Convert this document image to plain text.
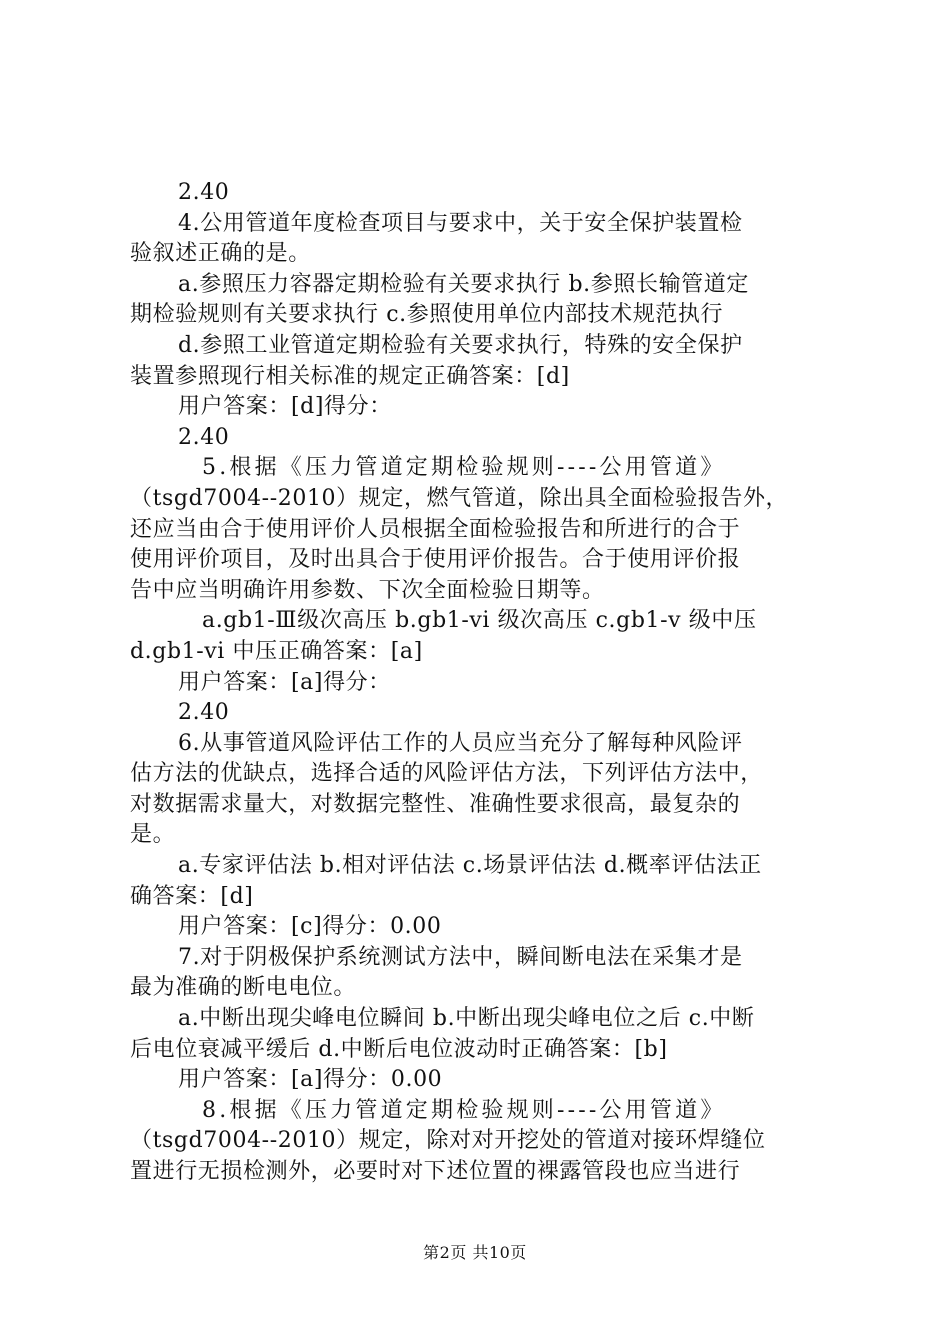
2.40
4.公用管道年度检查项目与要求中，关于安全保护装置检
验叙述正确的是。
a.参照压力容器定期检验有关要求执行 b.参照长输管道定
期检验规则有关要求执行 c.参照使用单位内部技术规范执行
d.参照工业管道定期检验有关要求执行，特殊的安全保护
装置参照现行相关标准的规定正确答案：[d]
用户答案：[d]得分：
2.40
5.根据《压力管道定期检验规则----公用管道》
（tsgd7004--2010）规定，燃气管道，除出具全面检验报告外，
还应当由合于使用评价人员根据全面检验报告和所进行的合于
使用评价项目，及时出具合于使用评价报告。合于使用评价报
告中应当明确许用参数、下次全面检验日期等。
a.gb1-Ⅲ级次高压 b.gb1-vi 级次高压 c.gb1-v 级中压
d.gb1-vi 中压正确答案：[a]
用户答案：[a]得分：
2.40
6.从事管道风险评估工作的人员应当充分了解每种风险评
估方法的优缺点，选择合适的风险评估方法，下列评估方法中，
对数据需求量大，对数据完整性、准确性要求很高，最复杂的
是。
a.专家评估法 b.相对评估法 c.场景评估法 d.概率评估法正
确答案：[d]
用户答案：[c]得分：0.00
7.对于阴极保护系统测试方法中，瞬间断电法在采集才是
最为准确的断电电位。
a.中断出现尖峰电位瞬间 b.中断出现尖峰电位之后 c.中断
后电位衰减平缓后 d.中断后电位波动时正确答案：[b]
用户答案：[a]得分：0.00
8.根据《压力管道定期检验规则----公用管道》
（tsgd7004--2010）规定，除对对开挖处的管道对接环焊缝位
置进行无损检测外，必要时对下述位置的裸露管段也应当进行
第2页 共10页
